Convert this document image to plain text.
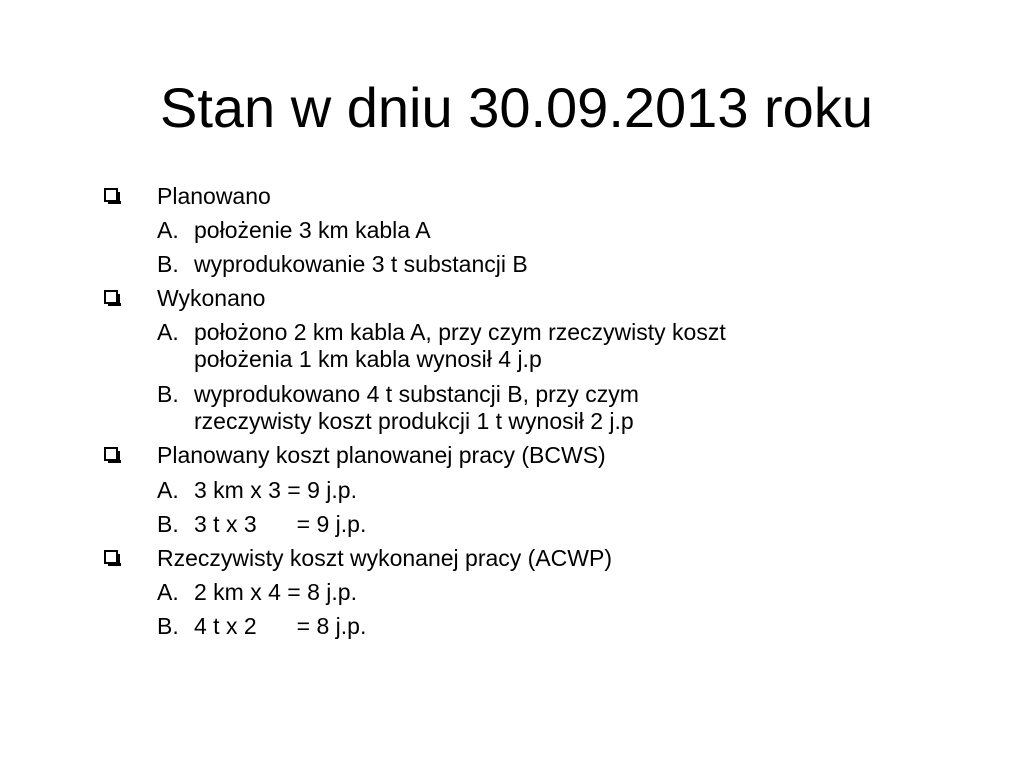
Stan w dniu 30.09.2013 roku
Planowano
A. położenie 3 km kabla A
B. wyprodukowanie 3 t substancji B
Wykonano
A. położono 2 km kabla A, przy czym rzeczywisty koszt
położenia 1 km kabla wynosił 4 j.p
B. wyprodukowano 4 t substancji B, przy czym
rzeczywisty koszt produkcji 1 t wynosił 2 j.p
Planowany koszt planowanej pracy (BCWS)
A. 3 km x 3 = 9 j.p.
B. 3 t x 3 = 9 j.p.
Rzeczywisty koszt wykonanej pracy (ACWP)
A. 2 km x 4 = 8 j.p.
B. 4 t x 2 = 8 j.p.
